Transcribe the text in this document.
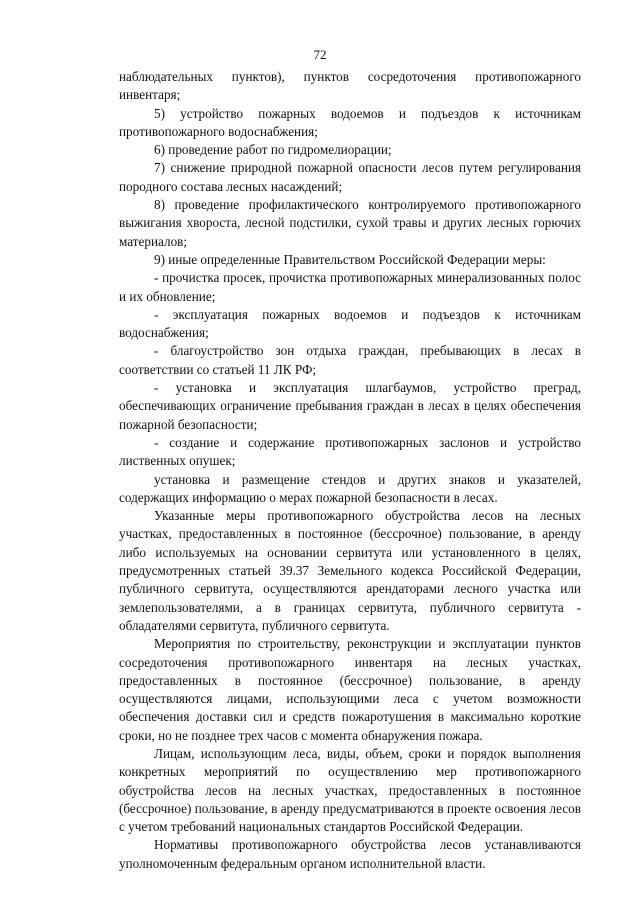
72

наблюдательных пунктов), пунктов сосредоточения противопожарного инвентаря;

5) устройство пожарных водоемов и подъездов к источникам противопожарного водоснабжения;

6) проведение работ по гидромелиорации;

7) снижение природной пожарной опасности лесов путем регулирования породного состава лесных насаждений;

8) проведение профилактического контролируемого противопожарного выжигания хвороста, лесной подстилки, сухой травы и других лесных горючих материалов;

9) иные определенные Правительством Российской Федерации меры:

- прочистка просек, прочистка противопожарных минерализованных полос и их обновление;

- эксплуатация пожарных водоемов и подъездов к источникам водоснабжения;

- благоустройство зон отдыха граждан, пребывающих в лесах в соответствии со статьей 11 ЛК РФ;

- установка и эксплуатация шлагбаумов, устройство преград, обеспечивающих ограничение пребывания граждан в лесах в целях обеспечения пожарной безопасности;

- создание и содержание противопожарных заслонов и устройство лиственных опушек;

установка и размещение стендов и других знаков и указателей, содержащих информацию о мерах пожарной безопасности в лесах.

Указанные меры противопожарного обустройства лесов на лесных участках, предоставленных в постоянное (бессрочное) пользование, в аренду либо используемых на основании сервитута или установленного в целях, предусмотренных статьей 39.37 Земельного кодекса Российской Федерации, публичного сервитута, осуществляются арендаторами лесного участка или землепользователями, а в границах сервитута, публичного сервитута - обладателями сервитута, публичного сервитута.

Мероприятия по строительству, реконструкции и эксплуатации пунктов сосредоточения противопожарного инвентаря на лесных участках, предоставленных в постоянное (бессрочное) пользование, в аренду осуществляются лицами, использующими леса с учетом возможности обеспечения доставки сил и средств пожаротушения в максимально короткие сроки, но не позднее трех часов с момента обнаружения пожара.

Лицам, использующим леса, виды, объем, сроки и порядок выполнения конкретных мероприятий по осуществлению мер противопожарного обустройства лесов на лесных участках, предоставленных в постоянное (бессрочное) пользование, в аренду предусматриваются в проекте освоения лесов с учетом требований национальных стандартов Российской Федерации.

Нормативы противопожарного обустройства лесов устанавливаются уполномоченным федеральным органом исполнительной власти.
